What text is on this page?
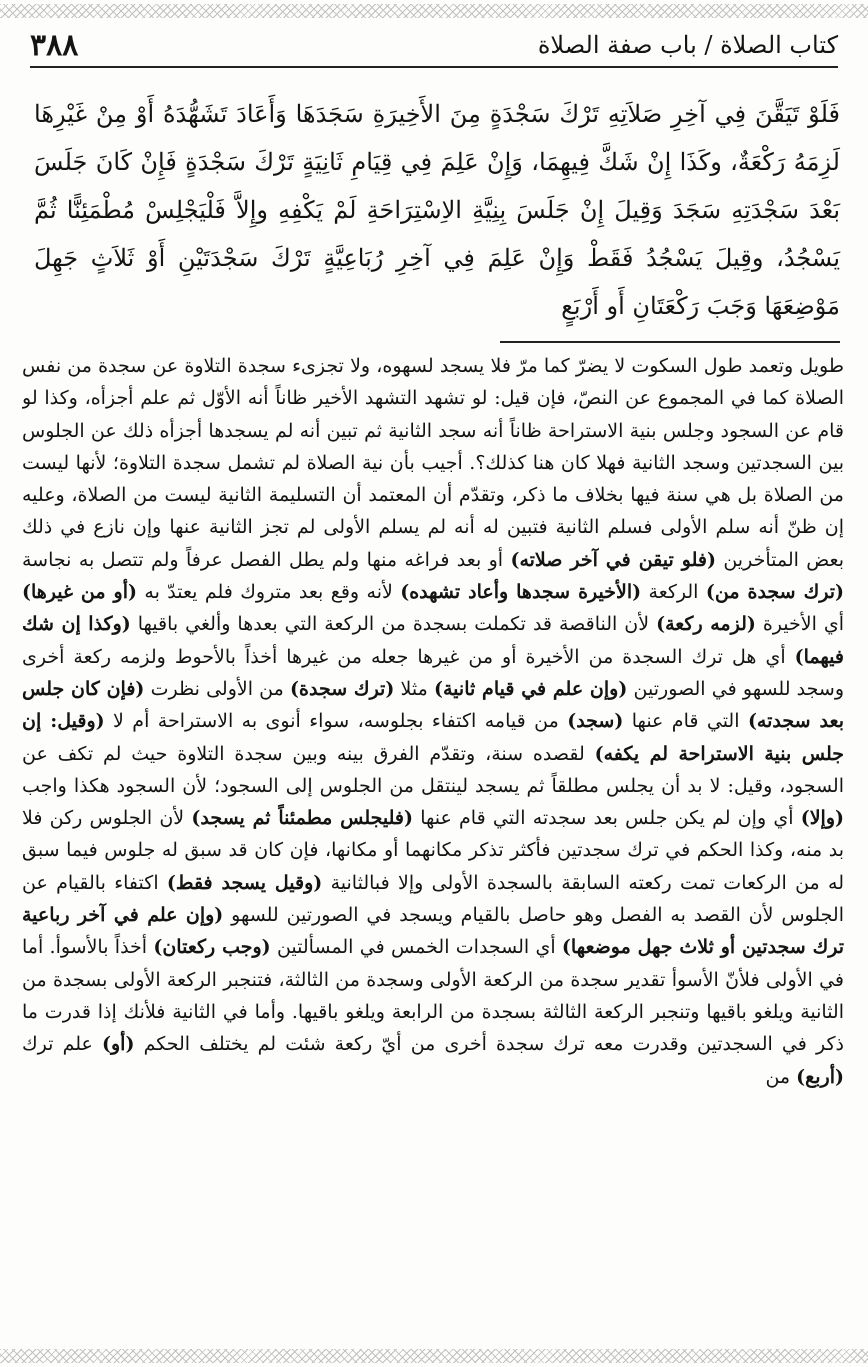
كتاب الصلاة / باب صفة الصلاة
٣٨٨
فَلَوْ تَيَقَّنَ فِي آخِرِ صَلاَتِهِ تَرْكَ سَجْدَةٍ مِنَ الأَخِيرَةِ سَجَدَهَا وَأَعَادَ تَشَهُّدَهُ أَوْ مِنْ غَيْرِهَا لَزِمَهُ رَكْعَةٌ، وكَذَا إِنْ شَكَّ فِيهِمَا، وَإِنْ عَلِمَ فِي قِيَامِ ثَانِيَةٍ تَرْكَ سَجْدَةٍ فَإِنْ كَانَ جَلَسَ بَعْدَ سَجْدَتِهِ سَجَدَ وَقِيلَ إِنْ جَلَسَ بِنِيَّةِ الاِسْتِرَاحَةِ لَمْ يَكْفِهِ وإِلاَّ فَلْيَجْلِسْ مُطْمَئِنًّا ثُمَّ يَسْجُدُ، وقِيلَ يَسْجُدُ فَقَطْ وَإِنْ عَلِمَ فِي آخِرِ رُبَاعِيَّةٍ تَرْكَ سَجْدَتَيْنِ أَوْ ثَلاَثٍ جَهِلَ مَوْضِعَهَا وَجَبَ رَكْعَتَانِ أَو أَرْبَعٍ
طويل وتعمد طول السكوت لا يضرّ كما مرّ فلا يسجد لسهوه، ولا تجزىء سجدة التلاوة عن سجدة من نفس الصلاة كما في المجموع عن النصّ، فإن قيل: لو تشهد التشهد الأخير ظاناً أنه الأوّل ثم علم أجزأه، وكذا لو قام عن السجود وجلس بنية الاستراحة ظاناً أنه سجد الثانية ثم تبين أنه لم يسجدها أجزأه ذلك عن الجلوس بين السجدتين وسجد الثانية فهلا كان هنا كذلك؟. أجيب بأن نية الصلاة لم تشمل سجدة التلاوة؛ لأنها ليست من الصلاة بل هي سنة فيها بخلاف ما ذكر، وتقدّم أن المعتمد أن التسليمة الثانية ليست من الصلاة، وعليه إن ظنّ أنه سلم الأولى فسلم الثانية فتبين له أنه لم يسلم الأولى لم تجز الثانية عنها وإن نازع في ذلك بعض المتأخرين (فلو تيقن في آخر صلاته) أو بعد فراغه منها ولم يطل الفصل عرفاً ولم تتصل به نجاسة (ترك سجدة من) الركعة (الأخيرة سجدها وأعاد تشهده) لأنه وقع بعد متروك فلم يعتدّ به (أو من غيرها) أي الأخيرة (لزمه ركعة) لأن الناقصة قد تكملت بسجدة من الركعة التي بعدها وألغي باقيها (وكذا إن شك فيهما) أي هل ترك السجدة من الأخيرة أو من غيرها جعله من غيرها أخذاً بالأحوط ولزمه ركعة أخرى وسجد للسهو في الصورتين (وإن علم في قيام ثانية) مثلا (ترك سجدة) من الأولى نظرت (فإن كان جلس بعد سجدته) التي قام عنها (سجد) من قيامه اكتفاء بجلوسه، سواء أنوى به الاستراحة أم لا (وقيل: إن جلس بنية الاستراحة لم يكفه) لقصده سنة، وتقدّم الفرق بينه وبين سجدة التلاوة حيث لم تكف عن السجود، وقيل: لا بد أن يجلس مطلقاً ثم يسجد لينتقل من الجلوس إلى السجود؛ لأن السجود هكذا واجب (وإلا) أي وإن لم يكن جلس بعد سجدته التي قام عنها (فليجلس مطمئناً ثم يسجد) لأن الجلوس ركن فلا بد منه، وكذا الحكم في ترك سجدتين فأكثر تذكر مكانهما أو مكانها، فإن كان قد سبق له جلوس فيما سبق له من الركعات تمت ركعته السابقة بالسجدة الأولى وإلا فبالثانية (وقيل يسجد فقط) اكتفاء بالقيام عن الجلوس لأن القصد به الفصل وهو حاصل بالقيام ويسجد في الصورتين للسهو (وإن علم في آخر رباعية ترك سجدتين أو ثلاث جهل موضعها) أي السجدات الخمس في المسألتين (وجب ركعتان) أخذاً بالأسوأ. أما في الأولى فلأنّ الأسوأ تقدير سجدة من الركعة الأولى وسجدة من الثالثة، فتنجبر الركعة الأولى بسجدة من الثانية ويلغو باقيها وتنجبر الركعة الثالثة بسجدة من الرابعة ويلغو باقيها. وأما في الثانية فلأنك إذا قدرت ما ذكر في السجدتين وقدرت معه ترك سجدة أخرى من أيّ ركعة شئت لم يختلف الحكم (أو) علم ترك (أربع) من
